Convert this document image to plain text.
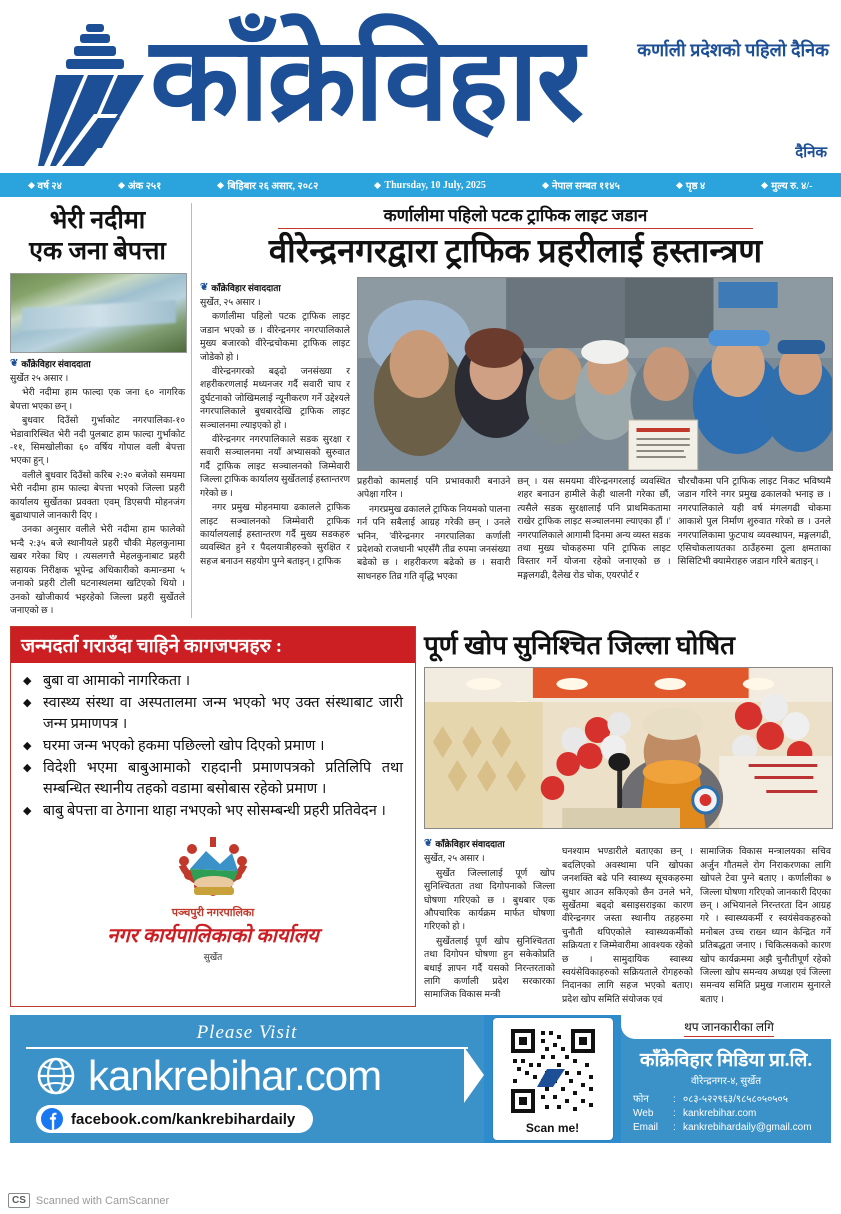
काँक्रेविहार	कर्णाली प्रदेशको पहिलो दैनिक
दैनिक
वर्ष २४	अंक २५१	बिहिबार २६ असार, २०८२	Thursday, 10 July, 2025	नेपाल सम्बत ११४५	पृष्ठ ४	मुल्य रु. ४/-
भेरी नदीमा
एक जना बेपत्ता
❦ काँक्रेविहार संवाददाता

सुर्खेत २५ असार ।

भेरी नदीमा हाम फाल्दा एक जना ६० नागरिक बेपत्ता भएका छन् ।

बुधवार दिउँसो गुर्भाकोट नगरपालिका-१० भेडावारिस्थित भेरी नदी पुलबाट हाम फाल्दा गुर्भाकोट -११, सिमखोलीका ६० वर्षिय गोपाल वली बेपत्ता भएका हुन् ।

वलीले बुधवार दिउँसो करिब २:२० बजेको समयमा भेरी नदीमा हाम फाल्दा बेपत्ता भएको जिल्ला प्रहरी कार्यालय सुर्खेतका प्रवक्ता एवम् डिएसपी मोहनजंग बुढाथापाले जानकारी दिए ।

उनका अनुसार वलीले भेरी नदीमा हाम फालेको भन्दै २:३५ बजे स्थानीयले प्रहरी चौकी मेहलकुनामा खबर गरेका थिए । त्यसलगत्तै मेहलकुनाबाट प्रहरी सहायक निरीक्षक भूपेन्द्र अधिकारीको कमान्डमा ५ जनाको प्रहरी टोली घटनास्थलमा खटिएको थियो । उनको खोजीकार्य भइरहेको जिल्ला प्रहरी सुर्खेतले जनाएको छ ।

कर्णालीमा पहिलो पटक ट्राफिक लाइट जडान
वीरेन्द्रनगरद्वारा ट्राफिक प्रहरीलाई हस्तान्त्रण
❦ काँक्रेविहार संवाददाता

सुर्खेत, २५ असार ।

कर्णालीमा पहिलो पटक ट्राफिक लाइट जडान भएको छ । वीरेन्द्रनगर नगरपालिकाले मुख्य बजारको वीरेन्द्रचोकमा ट्राफिक लाइट जोडेको हो ।

वीरेन्द्रनगरको बढ्दो जनसंख्या र शहरीकरणलाई मध्यनजर गर्दै सवारी चाप र दुर्घटनाको जोखिमलाई न्यूनीकरण गर्ने उद्देश्यले नगरपालिकाले बुधबारदेखि ट्राफिक लाइट सञ्चालनमा ल्याइएको हो ।

वीरेन्द्रनगर नगरपालिकाले सडक सुरक्षा र सवारी सञ्चालनमा नयाँ अभ्यासको सुरुवात गर्दै ट्राफिक लाइट सञ्चालनको जिम्मेवारी जिल्ला ट्राफिक कार्यालय सुर्खेतलाई हस्तान्तरण गरेको छ ।

नगर प्रमुख मोहनमाया ढकालले ट्राफिक लाइट सञ्चालनको जिम्मेवारी ट्राफिक कार्यालयलाई हस्तान्तरण गर्दै मुख्य सडकहरु व्यवस्थित हुने र पैदलयात्रीहरुको सुरक्षित र सहज बनाउन सहयोग पुग्ने बताइन् । ट्राफिक

प्रहरीको कामलाई पनि प्रभावकारी बनाउने अपेक्षा गरिन ।

नगरप्रमुख ढकालले ट्राफिक नियमको पालना गर्न पनि सबैलाई आग्रह गरेकी छन् । उनले भनिन, 'वीरेन्द्रनगर नगरपालिका कर्णाली प्रदेशको राजधानी भएसँगै तीव्र रुपमा जनसंख्या बढेको छ । शहरीकरण बढेको छ । सवारी साधनहरु तिव्र गति वृद्धि भएका

छन् । यस समयमा वीरेन्द्रनगरलाई व्यवस्थित शहर बनाउन हामीले केही थालनी गरेका छौं, त्यसैले सडक सुरक्षालाई पनि प्राथमिकतामा राखेर ट्राफिक लाइट सञ्चालनमा ल्याएका हौं ।' नगरपालिकाले आगामी दिनमा अन्य व्यस्त सडक तथा मुख्य चोकहरुमा पनि ट्राफिक लाइट विस्तार गर्ने योजना रहेको जनाएको छ । मङ्गलगढी, दैलेख रोड चोक, एयरपोर्ट र

चौरचौकमा पनि ट्राफिक लाइट निकट भविष्यमै जडान गरिने नगर प्रमुख ढकालको भनाइ छ । नगरपालिकाले यही वर्ष मंगलगढी चोकमा आकाशे पुल निर्माण शुरुवात गरेको छ । उनले नगरपालिकामा फुटपाथ व्यवस्थापन, मङ्गलगढी, एसिचोकलायतका ठाउँहरुमा ठूला क्षमताका सिसिटिभी क्यामेराहरु जडान गरिने बताइन् ।

जन्मदर्ता गराउँदा चाहिने कागजपत्रहरु :
◆ बुबा वा आमाको नागरिकता ।
◆ स्वास्थ्य संस्था वा अस्पतालमा जन्म भएको भए उक्त संस्थाबाट जारी जन्म प्रमाणपत्र ।
◆ घरमा जन्म भएको हकमा पछिल्लो खोप दिएको प्रमाण ।
◆ विदेशी भएमा बाबुआमाको राहदानी प्रमाणपत्रको प्रतिलिपि तथा सम्बन्धित स्थानीय तहको वडामा बसोबास रहेको प्रमाण ।
◆ बाबु बेपत्ता वा ठेगाना थाहा नभएको भए सोसम्बन्धी प्रहरी प्रतिवेदन ।
पञ्चपुरी नगरपालिका
नगर कार्यपालिकाको कार्यालय
सुर्खेत
पूर्ण खोप सुनिश्चित जिल्ला घोषित
❦ काँक्रेविहार संवाददाता

सुर्खेत, २५ असार ।

सुर्खेत जिल्लालाई पूर्ण खोप सुनिश्चितता तथा दिगोपनाको जिल्ला घोषणा गरिएको छ । बुधबार एक औपचारिक कार्यक्रम मार्फत घोषणा गरिएको हो ।

सुर्खेतलाई पूर्ण खोप सुनिश्चितता तथा दिगोपन घोषणा हुन सकेकोप्रति बधाई ज्ञापन गर्दै यसको निरन्तरताको लागि कर्णाली प्रदेश सरकारका सामाजिक विकास मन्त्री

घनश्याम भण्डारीले बताएका छन् । बदलिएको अवस्थामा पनि खोपका जनशक्ति बढे पनि स्वास्थ्य सूचकहरुमा सुधार आउन सकिएको छैन उनले भने, सुर्खेतमा बढ्दो बसाइसराइका कारण वीरेन्द्रनगर जस्ता स्थानीय तहहरुमा चुनौती थपिएकोले स्वास्थ्यकर्मीको सक्रियता र जिम्मेवारीमा आवश्यक रहेको छ । सामुदायिक स्वास्थ्य स्वयंसेविकाहरुको सक्रियताले रोगहरुको निदानका लागि सहज भएको बताए। प्रदेश खोप समिति संयोजक एवं

सामाजिक विकास मन्त्रालयका सचिव अर्जुन गौतमले रोग निराकरणका लागि खोपले टेवा पुग्ने बताए । कर्णालीका ७ जिल्ला घोषणा गरिएको जानकारी दिएका छन् । अभियानले निरन्तरता दिन आग्रह गरे । स्वास्थ्यकर्मी र स्वयंसेवकहरुको मनोबल उच्च राख्न ध्यान केन्द्रित गर्ने प्रतिबद्धता जनाए । चिकित्सकको कारण खोप कार्यक्रममा अझै चुनौतीपूर्ण रहेको जिल्ला खोप समन्वय अध्यक्ष एवं जिल्ला समन्वय समिति प्रमुख गजाराम सुनारले बताए ।

Please Visit
kankrebihar.com
facebook.com/kankrebihardaily
Scan me!
थप जानकारीका लगि
काँक्रेविहार मिडिया प्रा.लि.
वीरेन्द्रनगर-४, सुर्खेत
फोन	: ०८३-५२२९६३/९८५८०५०५०५
Web	: kankrebihar.com
Email	: kankrebihardaily@gmail.com
CS Scanned with CamScanner
